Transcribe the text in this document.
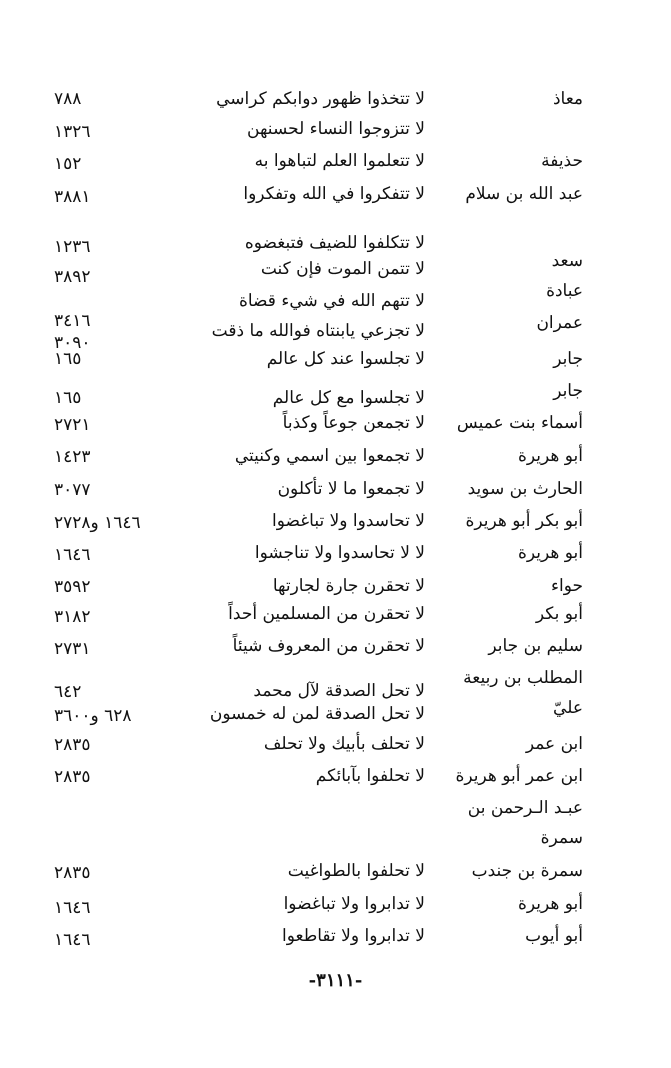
معاذ
لا تتخذوا ظهور دوابكم كراسي
٧٨٨
لا تتزوجوا النساء لحسنهن
١٣٢٦
حذيفة
لا تتعلموا العلم لتباهوا به
١٥٢
عبد الله بن سلام
لا تتفكروا في الله وتفكروا
٣٨٨١
لا تتكلفوا للضيف فتبغضوه
١٢٣٦
سعد
لا تتمن الموت فإن كنت
٣٨٩٢
عبادة
لا تتهم الله في شيء قضاة
عمران
لا تجزعي يابنتاه فوالله ما ذقت
٣٤١٦
٣٠٩٠
جابر
لا تجلسوا عند كل عالم
١٦٥
جابر
لا تجلسوا مع كل عالم
١٦٥
أسماء بنت عميس
لا تجمعن جوعاً وكذباً
٢٧٢١
أبو هريرة
لا تجمعوا بين اسمي وكنيتي
١٤٢٣
الحارث بن سويد
لا تجمعوا ما لا تأكلون
٣٠٧٧
أبو بكر أبو هريرة
لا تحاسدوا ولا تباغضوا
١٦٤٦ و٢٧٢٨
أبو هريرة
لا لا تحاسدوا ولا تناجشوا
١٦٤٦
حواء
لا تحقرن جارة لجارتها
٣٥٩٢
أبو بكر
لا تحقرن من المسلمين أحداً
٣١٨٢
سليم بن جابر
لا تحقرن من المعروف شيئاً
٢٧٣١
المطلب بن ربيعة
لا تحل الصدقة لآل محمد
٦٤٢
عليّ
لا تحل الصدقة لمن له خمسون
٦٢٨ و٣٦٠٠
ابن عمر
لا تحلف بأبيك ولا تحلف
٢٨٣٥
ابن عمر أبو هريرة
لا تحلفوا بآبائكم
٢٨٣٥
عبـد الـرحمن بن
سمرة
سمرة بن جندب
لا تحلفوا بالطواغيت
٢٨٣٥
أبو هريرة
لا تدابروا ولا تباغضوا
١٦٤٦
أبو أيوب
لا تدابروا ولا تقاطعوا
١٦٤٦
-٣١١١-
